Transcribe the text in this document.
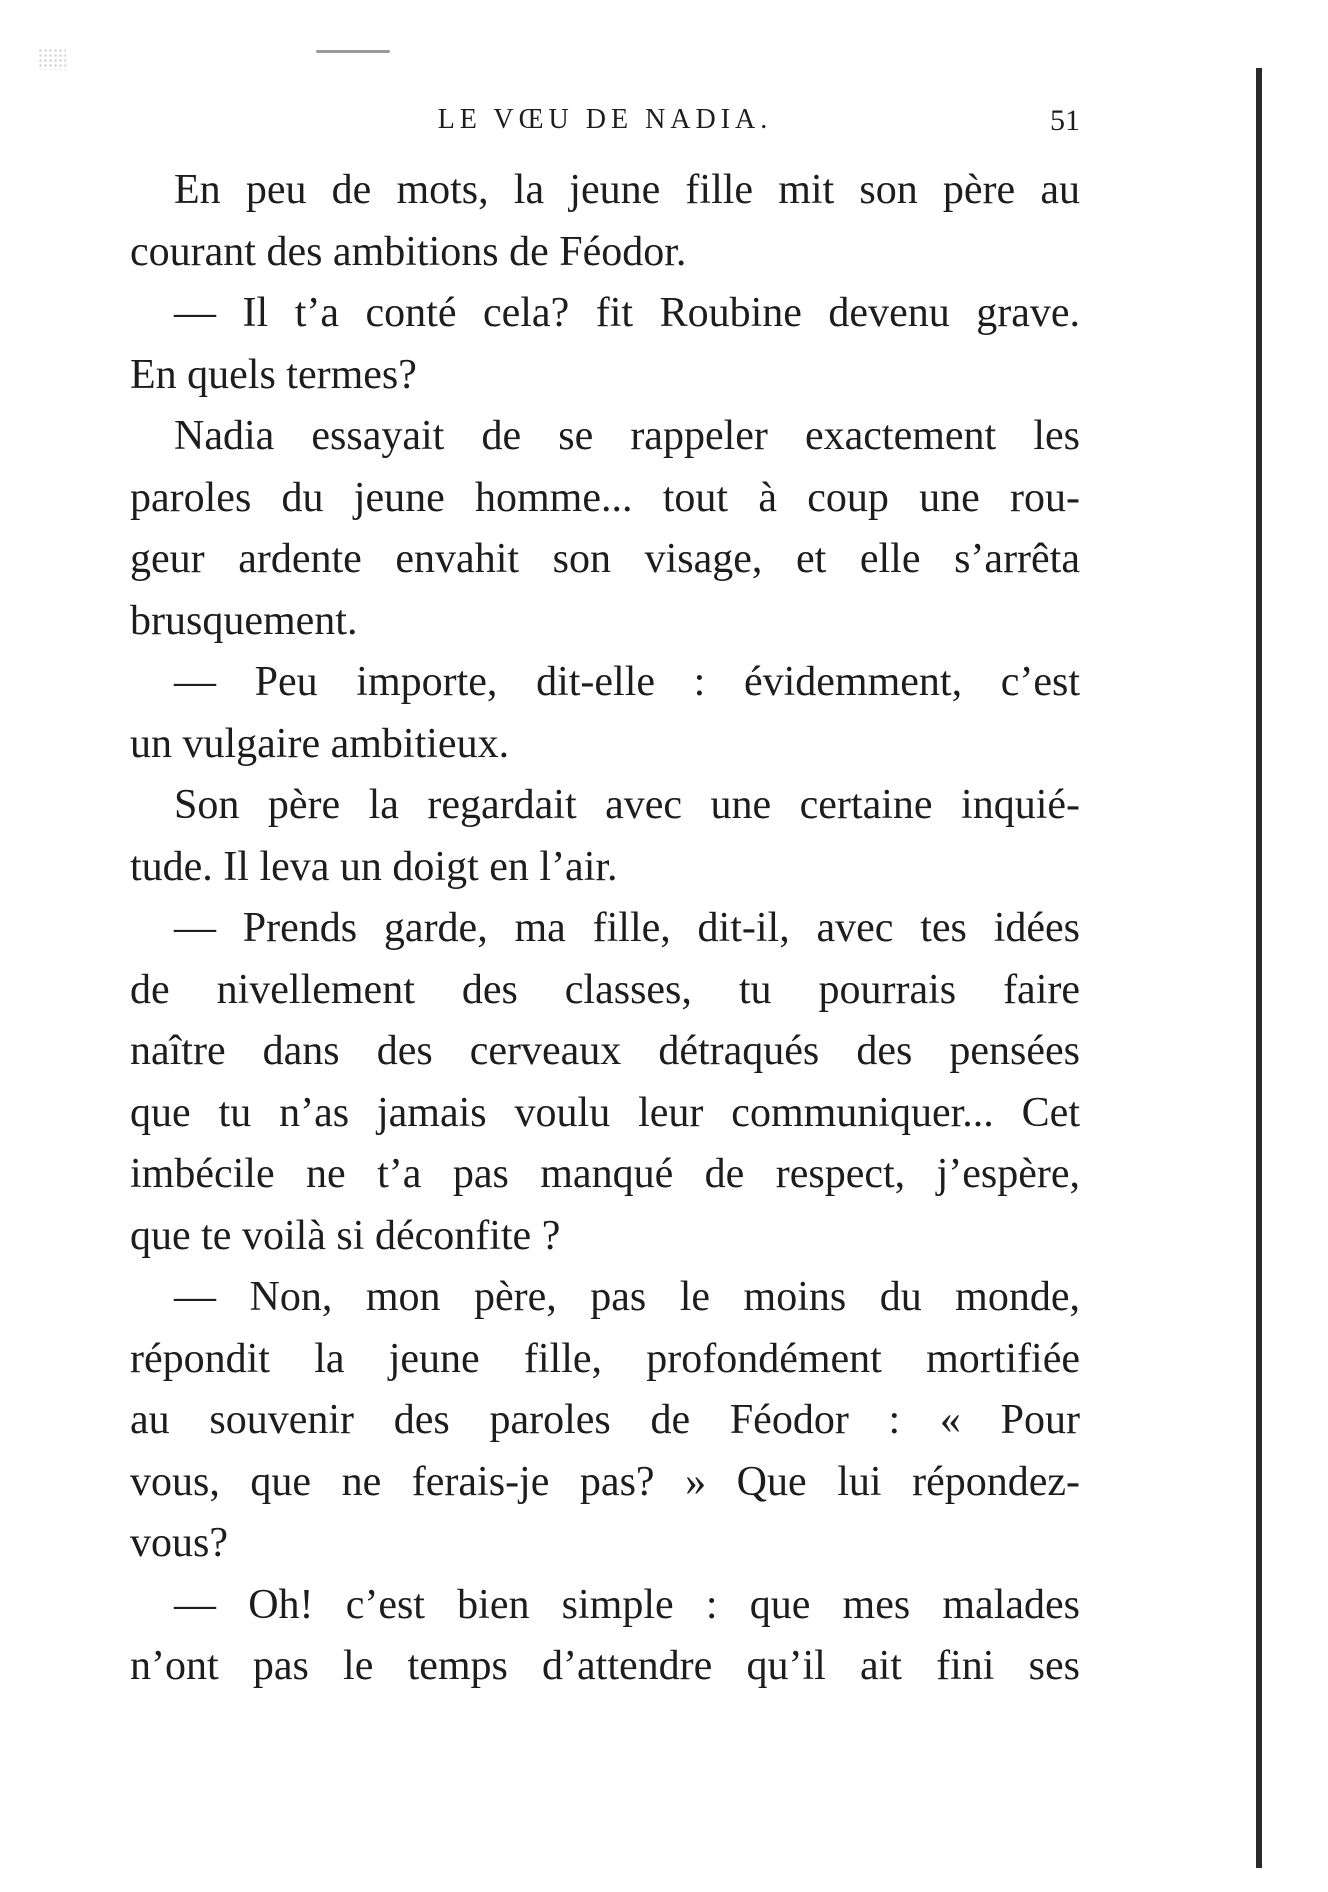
LE VŒU DE NADIA.	51
En peu de mots, la jeune fille mit son père au
courant des ambitions de Féodor.
— Il t’a conté cela? fit Roubine devenu grave.
En quels termes?
Nadia essayait de se rappeler exactement les
paroles du jeune homme... tout à coup une rou-
geur ardente envahit son visage, et elle s’arrêta
brusquement.
— Peu importe, dit-elle : évidemment, c’est
un vulgaire ambitieux.
Son père la regardait avec une certaine inquié-
tude. Il leva un doigt en l’air.
— Prends garde, ma fille, dit-il, avec tes idées
de nivellement des classes, tu pourrais faire
naître dans des cerveaux détraqués des pensées
que tu n’as jamais voulu leur communiquer... Cet
imbécile ne t’a pas manqué de respect, j’espère,
que te voilà si déconfite ?
— Non, mon père, pas le moins du monde,
répondit la jeune fille, profondément mortifiée
au souvenir des paroles de Féodor : « Pour
vous, que ne ferais-je pas? » Que lui répondez-
vous?
— Oh! c’est bien simple : que mes malades
n’ont pas le temps d’attendre qu’il ait fini ses
